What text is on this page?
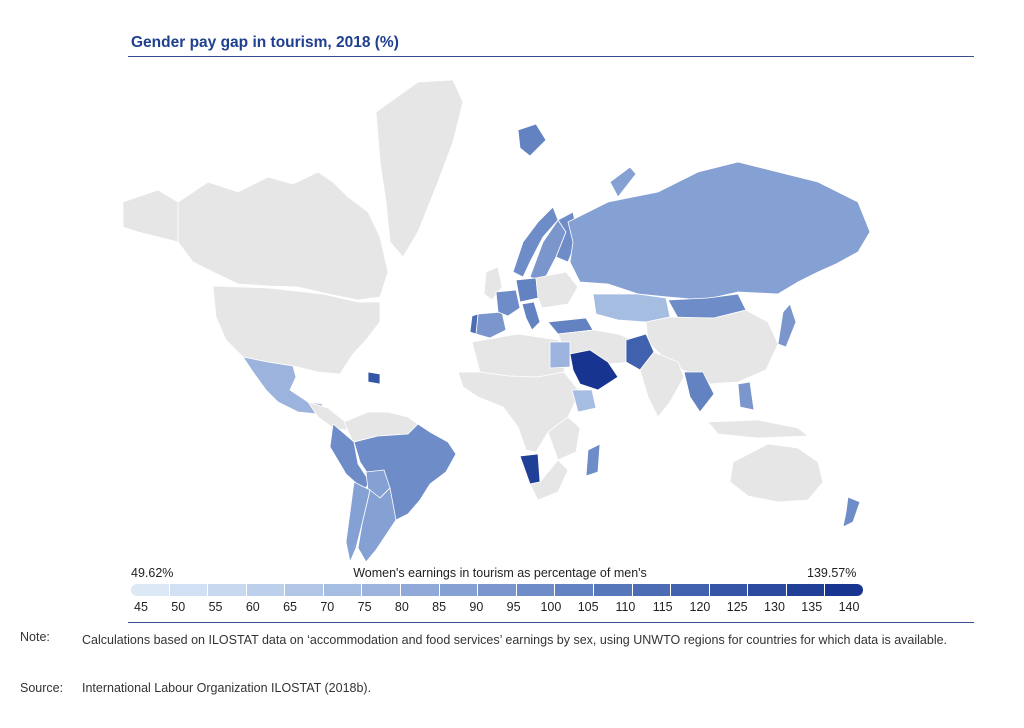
Gender pay gap in tourism, 2018 (%)
49.62%	Women's earnings in tourism as percentage of men's	139.57%
45 50 55 60 65 70 75 80 85 90 95 100 105 110 115 120 125 130 135 140
Note:	Calculations based on ILOSTAT data on ‘accommodation and food services’ earnings by sex, using UNWTO regions for countries for which data is available.
Source: International Labour Organization ILOSTAT (2018b).
